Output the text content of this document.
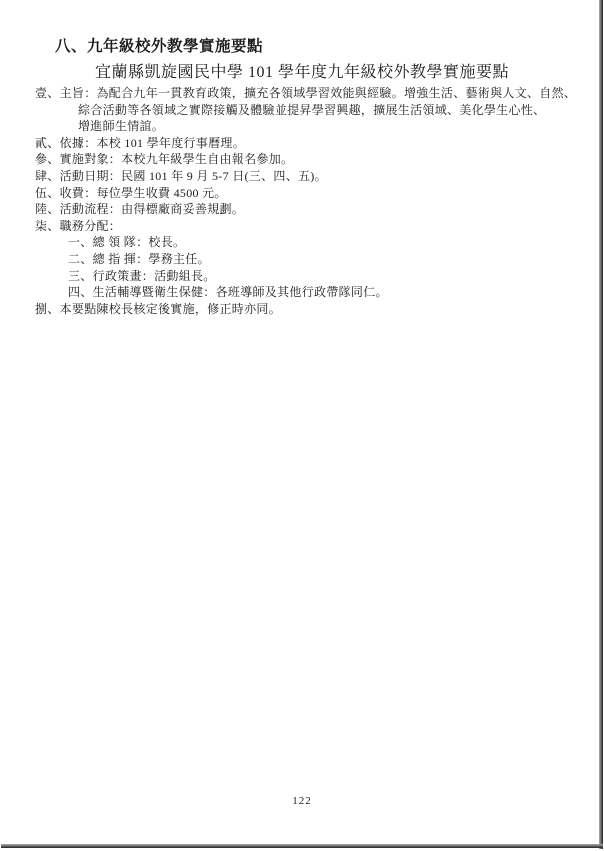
八、九年級校外教學實施要點
宜蘭縣凱旋國民中學 101 學年度九年級校外教學實施要點
壹、主旨：為配合九年一貫教育政策，擴充各領域學習效能與經驗。增強生活、藝術與人文、自然、
綜合活動等各領域之實際接觸及體驗並提昇學習興趣，擴展生活領域、美化學生心性、
增進師生情誼。
貳、依據：本校 101 學年度行事曆理。
參、實施對象：本校九年級學生自由報名參加。
肆、活動日期：民國 101 年 9 月 5-7 日(三、四、五)。
伍、收費：每位學生收費 4500 元。
陸、活動流程：由得標廠商妥善規劃。
柒、職務分配：
一、總 領 隊：校長。
二、總 指 揮：學務主任。
三、行政策畫：活動組長。
四、生活輔導暨衛生保健：各班導師及其他行政帶隊同仁。
捌、本要點陳校長核定後實施，修正時亦同。
122
